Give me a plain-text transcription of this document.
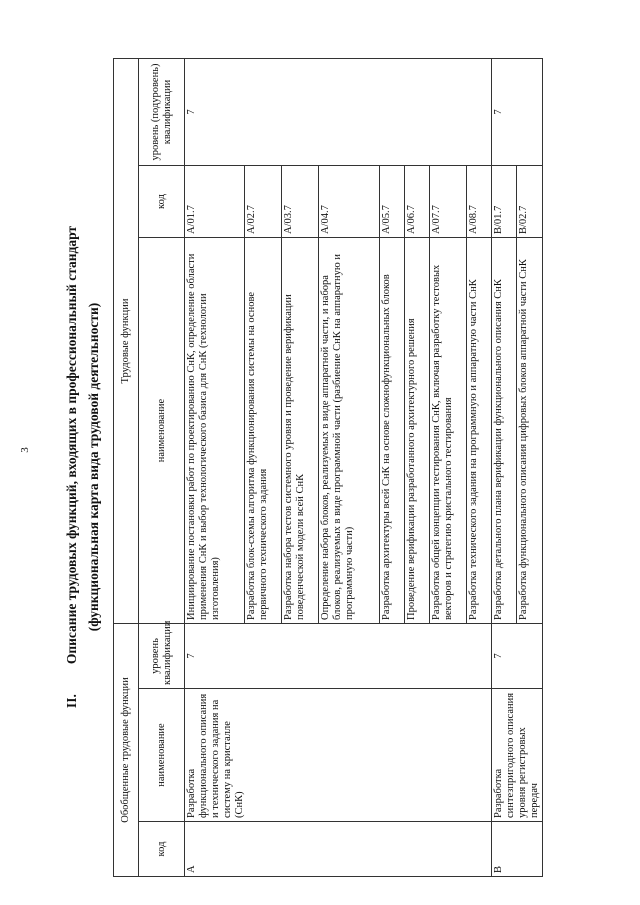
3
II.Описание трудовых функций, входящих в профессиональный стандарт (функциональная карта вида трудовой деятельности)
Обобщенные трудовые функции			Трудовые функции		
код	наименование	уровень квалификации	наименование	код	уровень (подуровень) квалификации
A	Разработка функционального описания и технического задания на систему на кристалле (СнК)	7	Инициирование постановки работ по проектированию СнК, определение области применения СнК и выбор технологического базиса для СнК (технологии изготовления)	A/01.7	7
			Разработка блок-схемы алгоритма функционирования системы на основе первичного технического задания	A/02.7	
			Разработка набора тестов системного уровня и проведение верификации поведенческой модели всей СнК	A/03.7	
			Определение набора блоков, реализуемых в виде аппаратной части, и набора блоков, реализуемых в виде программной части (разбиение СнК на аппаратную и программную части)	A/04.7	
			Разработка архитектуры всей СнК на основе сложнофункциональных блоков	A/05.7	
			Проведение верификации разработанного архитектурного решения	A/06.7	
			Разработка общей концепции тестирования СнК, включая разработку тестовых векторов и стратегию кристального тестирования	A/07.7	
			Разработка технического задания на программную и аппаратную части СнК	A/08.7	
B	Разработка синтезпригодного описания уровня регистровых передач	7	Разработка детального плана верификации функционального описания СнК	B/01.7	7
			Разработка функционального описания цифровых блоков аппаратной части СнК	B/02.7	
